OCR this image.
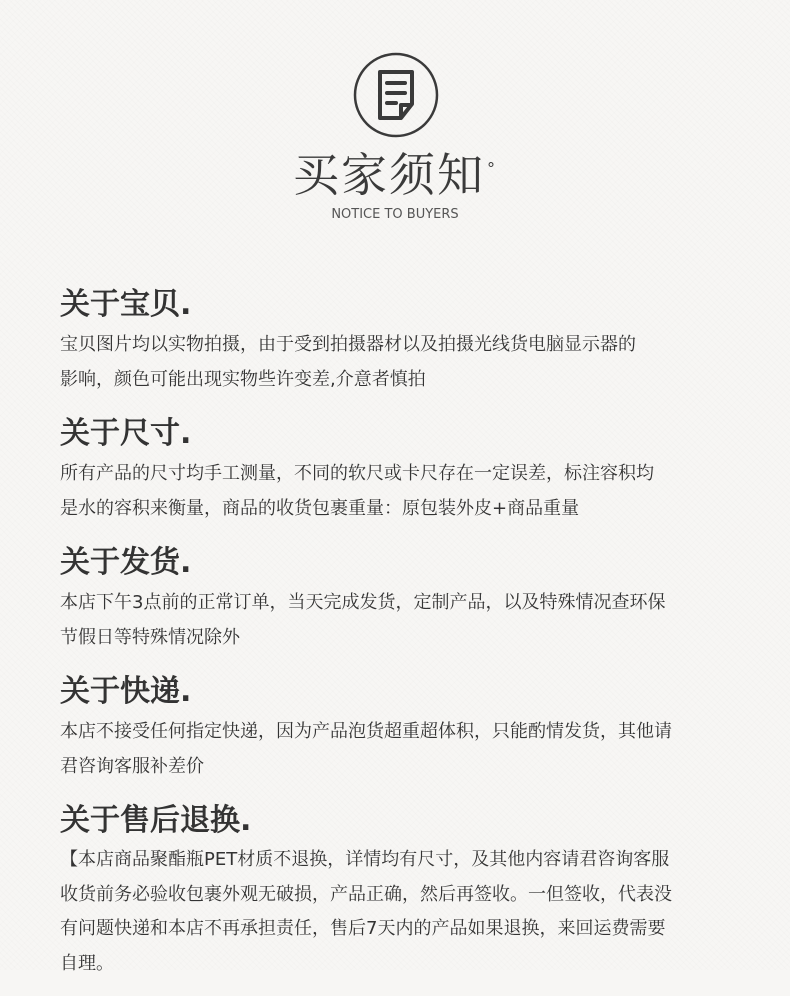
买家须知 °
NOTICE TO BUYERS
关于宝贝.

宝贝图片均以实物拍摄，由于受到拍摄器材以及拍摄光线货电脑显示器的
影响，颜色可能出现实物些许变差,介意者慎拍

关于尺寸.

所有产品的尺寸均手工测量，不同的软尺或卡尺存在一定误差，标注容积均
是水的容积来衡量，商品的收货包裹重量：原包装外皮+商品重量

关于发货.

本店下午3点前的正常订单，当天完成发货，定制产品，以及特殊情况查环保
节假日等特殊情况除外

关于快递.

本店不接受任何指定快递，因为产品泡货超重超体积，只能酌情发货，其他请
君咨询客服补差价

关于售后退换.

【本店商品聚酯瓶PET材质不退换，详情均有尺寸，及其他内容请君咨询客服
收货前务必验收包裹外观无破损，产品正确，然后再签收。一但签收，代表没
有问题快递和本店不再承担责任，售后7天内的产品如果退换，来回运费需要
自理。
